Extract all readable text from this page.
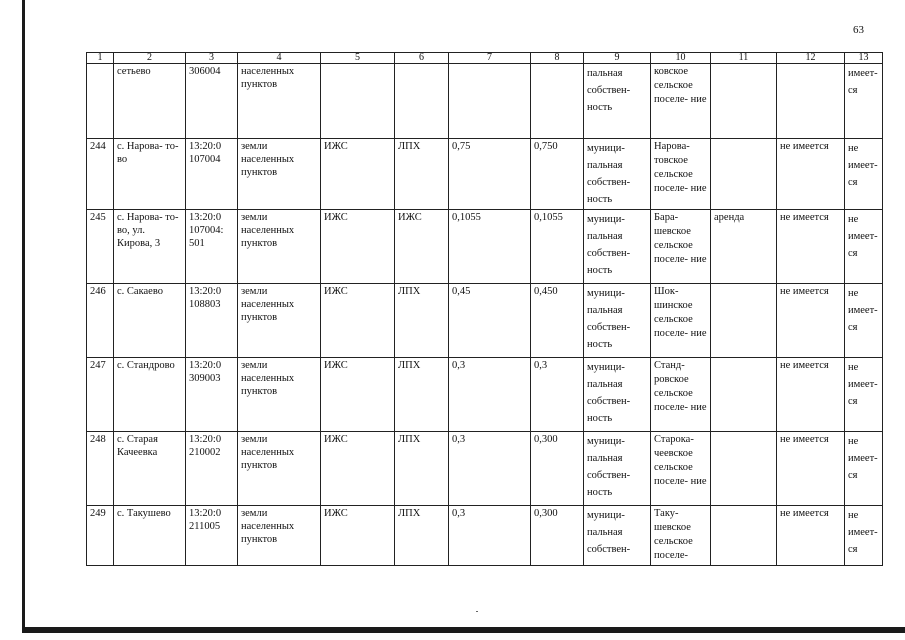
63
1	2	3	4	5	6	7	8	9	10	11	12	13
	сетьево	306004	населенных пунктов					пальная собствен- ность	ковское сельское поселе- ние			имеет- ся
244	с. Нарова- то-во	13:20:0 107004	земли населенных пунктов	ИЖС	ЛПХ	0,75	0,750	муници- пальная собствен- ность	Нарова- товское сельское поселе- ние		не имеется	не имеет- ся
245	с. Нарова- то-во, ул. Кирова, 3	13:20:0 107004: 501	земли населенных пунктов	ИЖС	ИЖС	0,1055	0,1055	муници- пальная собствен- ность	Бара- шевское сельское поселе- ние	аренда	не имеется	не имеет- ся
246	с. Сакаево	13:20:0 108803	земли населенных пунктов	ИЖС	ЛПХ	0,45	0,450	муници- пальная собствен- ность	Шок- шинское сельское поселе- ние		не имеется	не имеет- ся
247	с. Стандрово	13:20:0 309003	земли населенных пунктов	ИЖС	ЛПХ	0,3	0,3	муници- пальная собствен- ность	Станд- ровское сельское поселе- ние		не имеется	не имеет- ся
248	с. Старая Качеевка	13:20:0 210002	земли населенных пунктов	ИЖС	ЛПХ	0,3	0,300	муници- пальная собствен- ность	Старока- чеевское сельское поселе- ние		не имеется	не имеет- ся
249	с. Такушево	13:20:0 211005	земли населенных пунктов	ИЖС	ЛПХ	0,3	0,300	муници- пальная собствен-	Таку- шевское сельское поселе-		не имеется	не имеет- ся
